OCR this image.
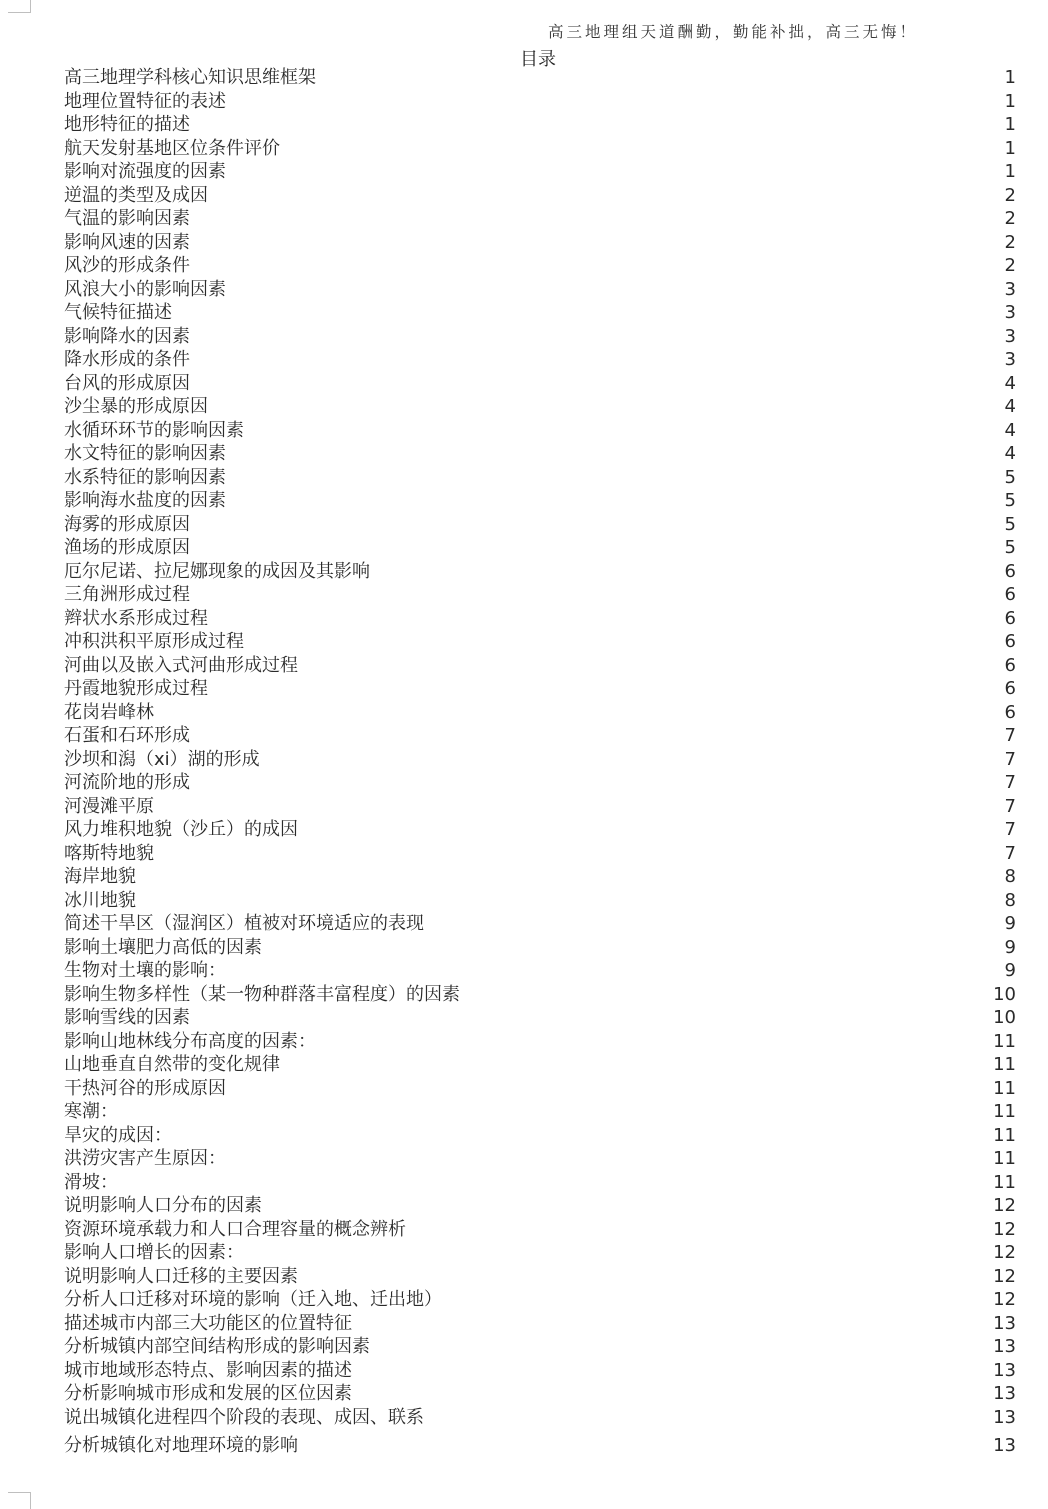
高三地理组天道酬勤，勤能补拙，高三无悔！
目录
高三地理学科核心知识思维框架	1
地理位置特征的表述	1
地形特征的描述	1
航天发射基地区位条件评价	1
影响对流强度的因素	1
逆温的类型及成因	2
气温的影响因素	2
影响风速的因素	2
风沙的形成条件	2
风浪大小的影响因素	3
气候特征描述	3
影响降水的因素	3
降水形成的条件	3
台风的形成原因	4
沙尘暴的形成原因	4
水循环环节的影响因素	4
水文特征的影响因素	4
水系特征的影响因素	5
影响海水盐度的因素	5
海雾的形成原因	5
渔场的形成原因	5
厄尔尼诺、拉尼娜现象的成因及其影响	6
三角洲形成过程	6
辫状水系形成过程	6
冲积洪积平原形成过程	6
河曲以及嵌入式河曲形成过程	6
丹霞地貌形成过程	6
花岗岩峰林	6
石蛋和石环形成	7
沙坝和潟（xi）湖的形成	7
河流阶地的形成	7
河漫滩平原	7
风力堆积地貌（沙丘）的成因	7
喀斯特地貌	7
海岸地貌	8
冰川地貌	8
简述干旱区（湿润区）植被对环境适应的表现	9
影响土壤肥力高低的因素	9
生物对土壤的影响：	9
影响生物多样性（某一物种群落丰富程度）的因素	10
影响雪线的因素	10
影响山地林线分布高度的因素：	11
山地垂直自然带的变化规律	11
干热河谷的形成原因	11
寒潮：	11
旱灾的成因：	11
洪涝灾害产生原因：	11
滑坡：	11
说明影响人口分布的因素	12
资源环境承载力和人口合理容量的概念辨析	12
影响人口增长的因素：	12
说明影响人口迁移的主要因素	12
分析人口迁移对环境的影响（迁入地、迁出地）	12
描述城市内部三大功能区的位置特征	13
分析城镇内部空间结构形成的影响因素	13
城市地域形态特点、影响因素的描述	13
分析影响城市形成和发展的区位因素	13
说出城镇化进程四个阶段的表现、成因、联系	13
分析城镇化对地理环境的影响	13
